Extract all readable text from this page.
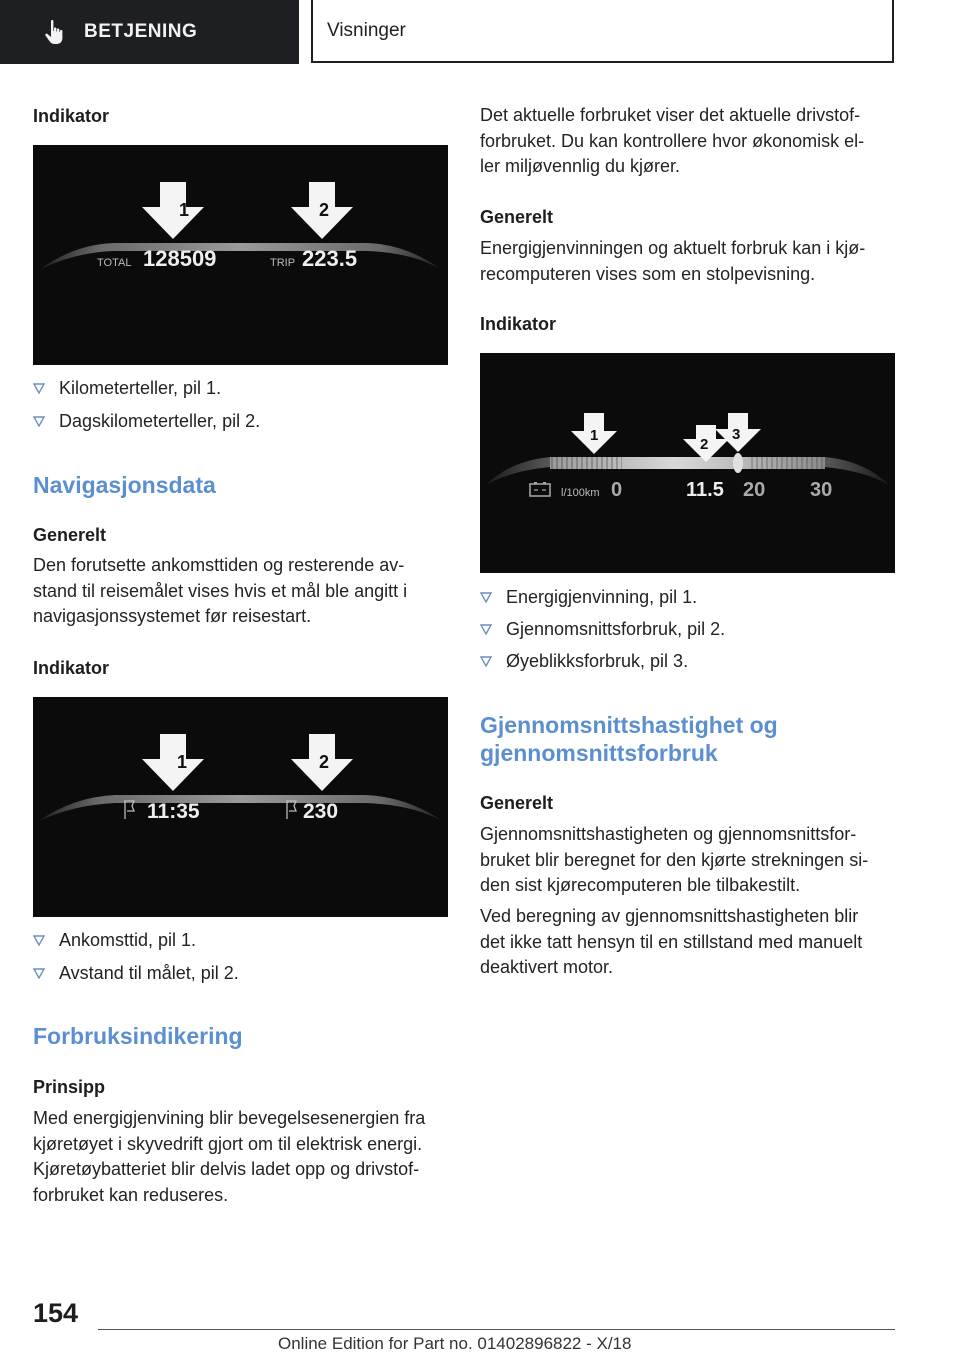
BETJENING	Visninger
Indikator
1	2
TOTAL 128509	TRIP 223.5
Kilometerteller, pil 1.
Dagskilometerteller, pil 2.
Navigasjonsdata
Generelt
Den forutsette ankomsttiden og resterende av-
stand til reisemålet vises hvis et mål ble angitt i
navigasjonssystemet før reisestart.
Indikator
1	2
11:35	230
Ankomsttid, pil 1.
Avstand til målet, pil 2.
Forbruksindikering
Prinsipp
Med energigjenvining blir bevegelsesenergien fra
kjøretøyet i skyvedrift gjort om til elektrisk energi.
Kjøretøybatteriet blir delvis ladet opp og drivstof-
forbruket kan reduseres.
Det aktuelle forbruket viser det aktuelle drivstof-
forbruket. Du kan kontrollere hvor økonomisk el-
ler miljøvennlig du kjører.
Generelt
Energigjenvinningen og aktuelt forbruk kan i kjø-
recomputeren vises som en stolpevisning.
Indikator
1
2
3
l/100km 0	11.5 20 30
Energigjenvinning, pil 1.
Gjennomsnittsforbruk, pil 2.
Øyeblikksforbruk, pil 3.
Gjennomsnittshastighet og
gjennomsnittsforbruk
Generelt
Gjennomsnittshastigheten og gjennomsnittsfor-
bruket blir beregnet for den kjørte strekningen si-
den sist kjørecomputeren ble tilbakestilt.
Ved beregning av gjennomsnittshastigheten blir
det ikke tatt hensyn til en stillstand med manuelt
deaktivert motor.
154
Online Edition for Part no. 01402896822 - X/18
